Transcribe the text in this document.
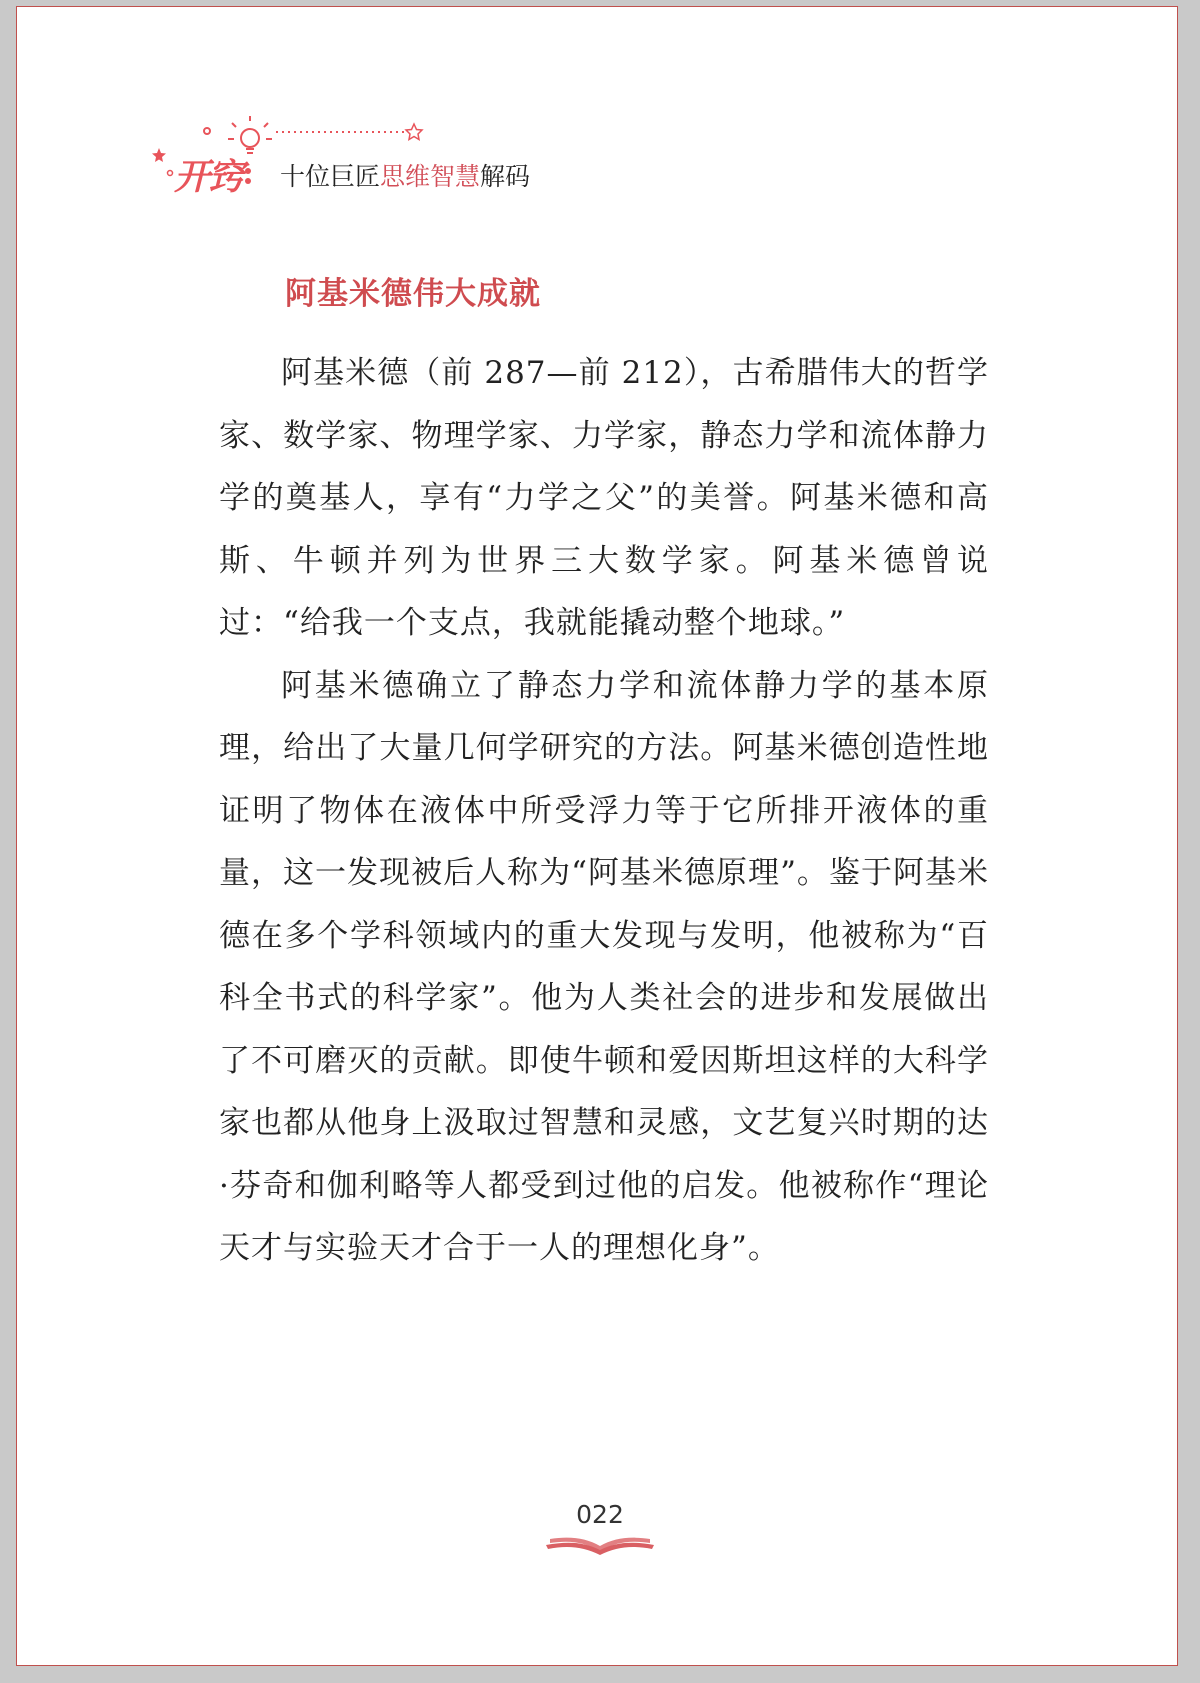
开窍 十位巨匠思维智慧解码
阿基米德伟大成就

阿基米德（前 287—前 212），古希腊伟大的哲学家、数学家、物理学家、力学家，静态力学和流体静力学的奠基人，享有“力学之父”的美誉。阿基米德和高斯、牛顿并列为世界三大数学家。阿基米德曾说过：“给我一个支点，我就能撬动整个地球。”

阿基米德确立了静态力学和流体静力学的基本原理，给出了大量几何学研究的方法。阿基米德创造性地证明了物体在液体中所受浮力等于它所排开液体的重量，这一发现被后人称为“阿基米德原理”。鉴于阿基米德在多个学科领域内的重大发现与发明，他被称为“百科全书式的科学家”。他为人类社会的进步和发展做出了不可磨灭的贡献。即使牛顿和爱因斯坦这样的大科学家也都从他身上汲取过智慧和灵感，文艺复兴时期的达·芬奇和伽利略等人都受到过他的启发。他被称作“理论天才与实验天才合于一人的理想化身”。

022
